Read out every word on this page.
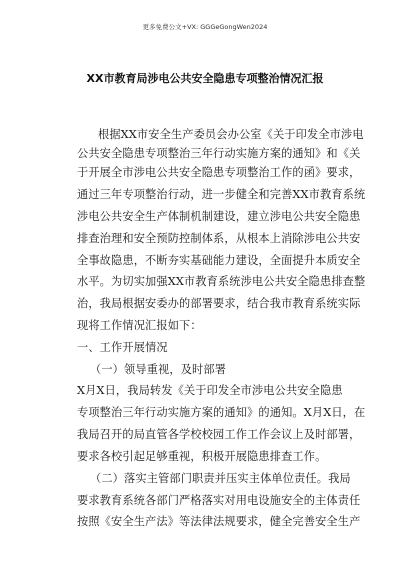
更多免费公文+VX: GGGeGongWen2024
XX市教育局涉电公共安全隐患专项整治情况汇报
根据XX市安全生产委员会办公室《关于印发全市涉电
公共安全隐患专项整治三年行动实施方案的通知》和《关
于开展全市涉电公共安全隐患专项整治工作的函》要求，
通过三年专项整治行动，进一步健全和完善XX市教育系统
涉电公共安全生产体制机制建设，建立涉电公共安全隐患
排查治理和安全预防控制体系，从根本上消除涉电公共安
全事故隐患，不断夯实基础能力建设，全面提升本质安全
水平。为切实加强XX市教育系统涉电公共安全隐患排查整
治，我局根据安委办的部署要求，结合我市教育系统实际
现将工作情况汇报如下：
一、工作开展情况
（一）领导重视，及时部署
X月X日，我局转发《关于印发全市涉电公共安全隐患
专项整治三年行动实施方案的通知》的通知。X月X日，在
我局召开的局直管各学校校园工作工作会议上及时部署，
要求各校引起足够重视，积极开展隐患排查工作。
（二）落实主管部门职责并压实主体单位责任。我局
要求教育系统各部门严格落实对用电设施安全的主体责任
按照《安全生产法》等法律法规要求，健全完善安全生产
